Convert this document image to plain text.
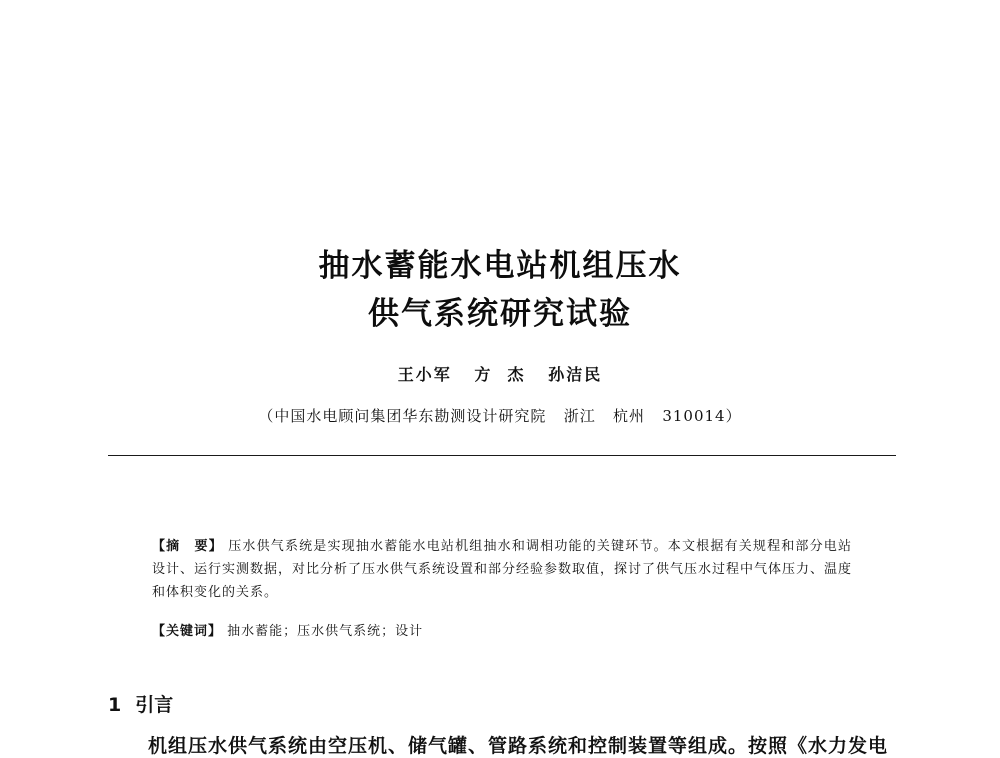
抽水蓄能水电站机组压水
供气系统研究试验
王小军   方  杰   孙洁民
（中国水电顾问集团华东勘测设计研究院   浙江   杭州   310014）
【摘　要】 压水供气系统是实现抽水蓄能水电站机组抽水和调相功能的关键环节。本文根据有关规程和部分电站设计、运行实测数据，对比分析了压水供气系统设置和部分经验参数取值，探讨了供气压水过程中气体压力、温度和体积变化的关系。
【关键词】 抽水蓄能；压水供气系统；设计
1 引言
机组压水供气系统由空压机、储气罐、管路系统和控制装置等组成。按照《水力发电
